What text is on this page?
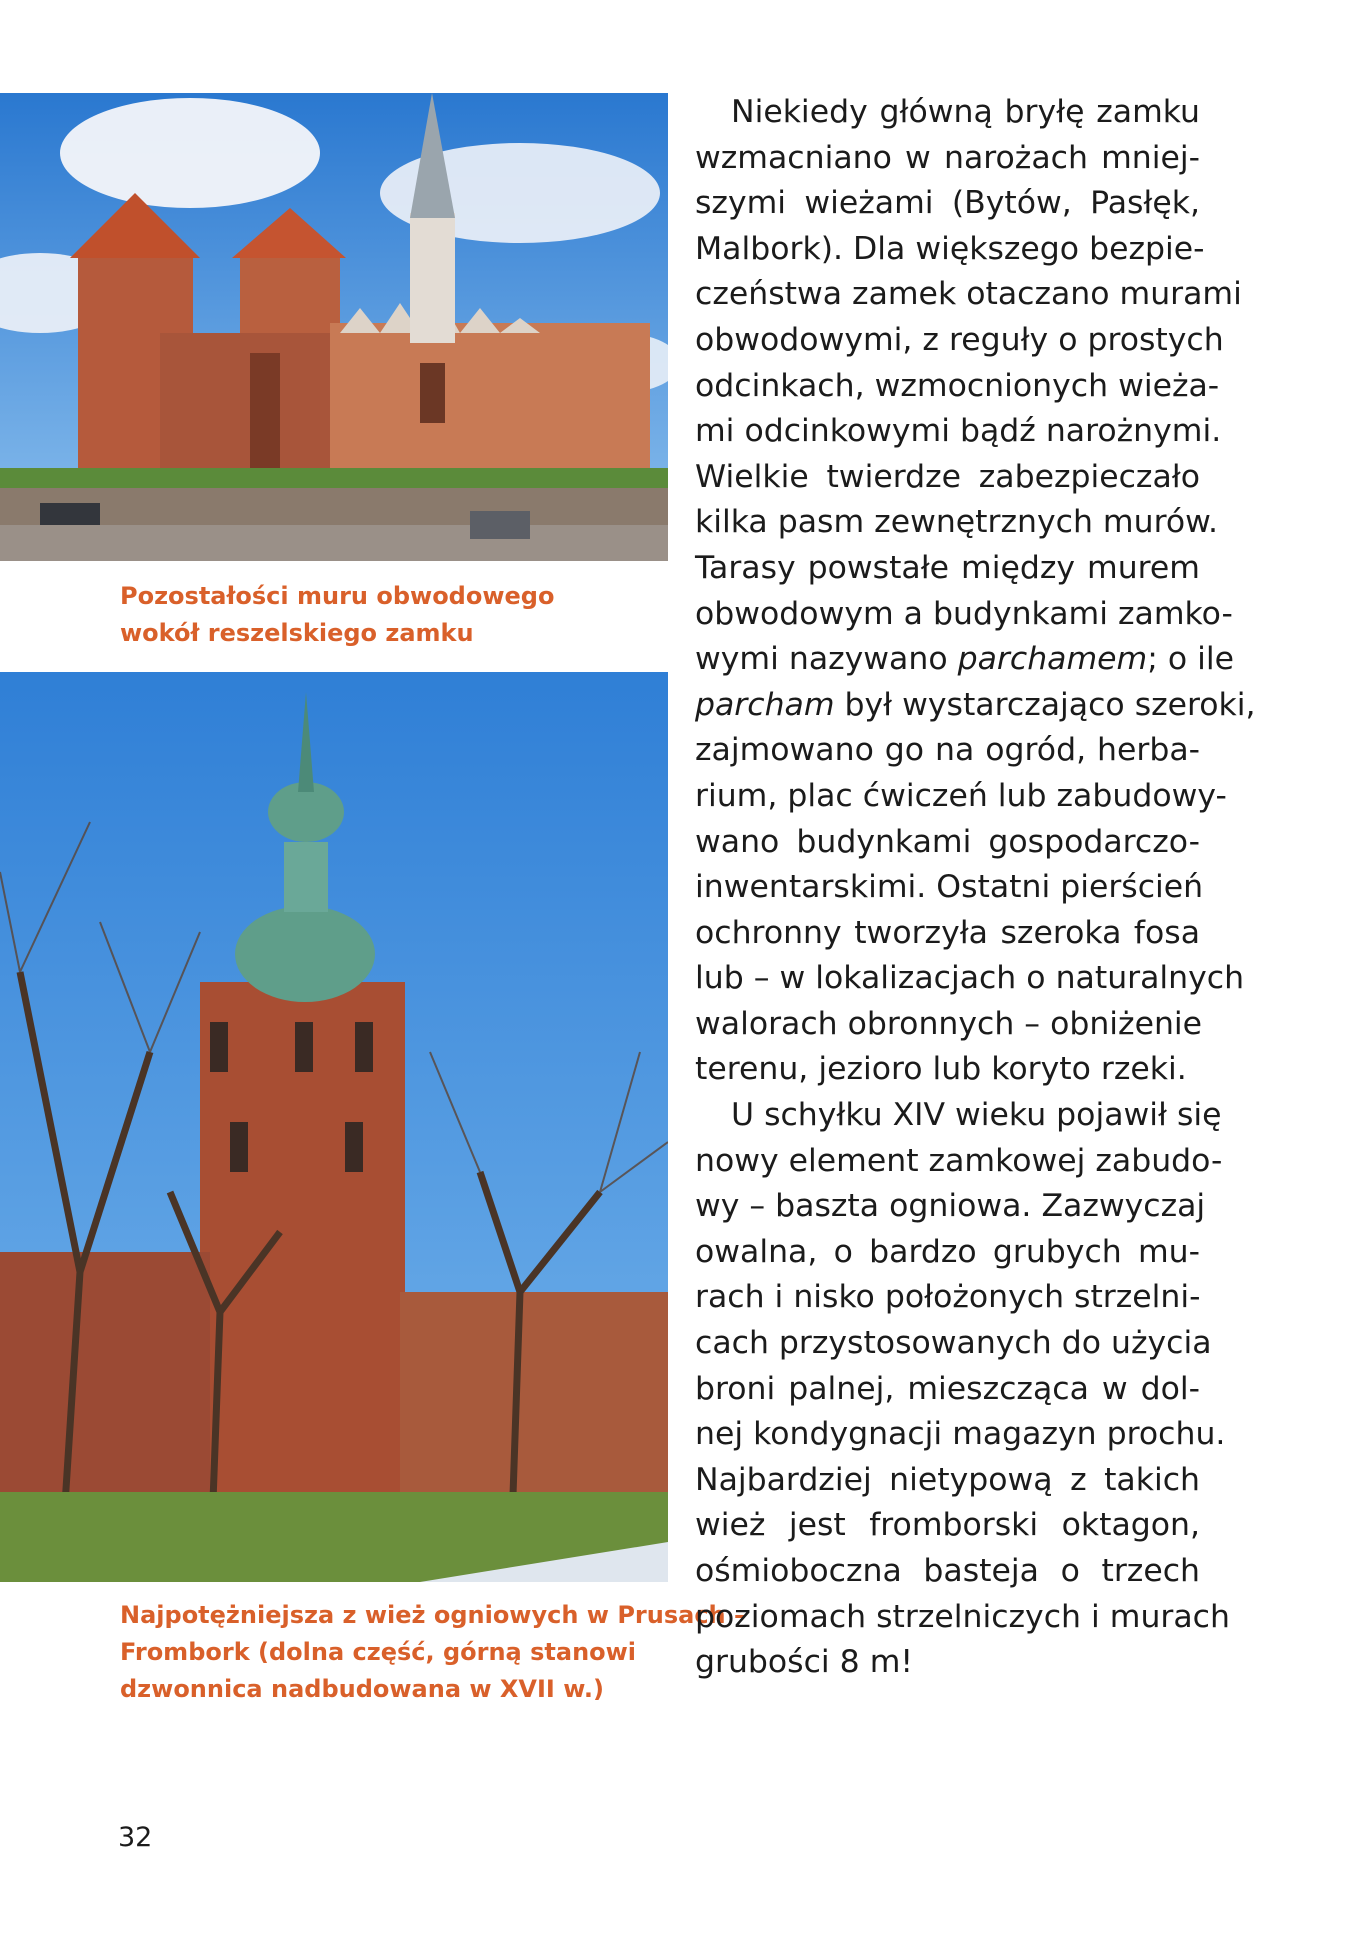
Pozostałości muru obwodowego
wokół reszelskiego zamku
Najpotężniejsza z wież ogniowych w Prusach –
Frombork (dolna część, górną stanowi
dzwonnica nadbudowana w XVII w.)
Niekiedy główną bryłę zamku
wzmacniano w narożach mniej-
szymi wieżami (Bytów, Pasłęk,
Malbork). Dla większego bezpie-
czeństwa zamek otaczano murami
obwodowymi, z reguły o prostych
odcinkach, wzmocnionych wieża-
mi odcinkowymi bądź narożnymi.
Wielkie twierdze zabezpieczało
kilka pasm zewnętrznych murów.
Tarasy powstałe między murem
obwodowym a budynkami zamko-
wymi nazywano parchamem; o ile
parcham był wystarczająco szeroki,
zajmowano go na ogród, herba-
rium, plac ćwiczeń lub zabudowy-
wano budynkami gospodarczo-
inwentarskimi. Ostatni pierścień
ochronny tworzyła szeroka fosa
lub – w lokalizacjach o naturalnych
walorach obronnych – obniżenie
terenu, jezioro lub koryto rzeki.
U schyłku XIV wieku pojawił się
nowy element zamkowej zabudo-
wy – baszta ogniowa. Zazwyczaj
owalna, o bardzo grubych mu-
rach i nisko położonych strzelni-
cach przystosowanych do użycia
broni palnej, mieszcząca w dol-
nej kondygnacji magazyn prochu.
Najbardziej nietypową z takich
wież jest fromborski oktagon,
ośmioboczna basteja o trzech
poziomach strzelniczych i murach
grubości 8 m!
32
